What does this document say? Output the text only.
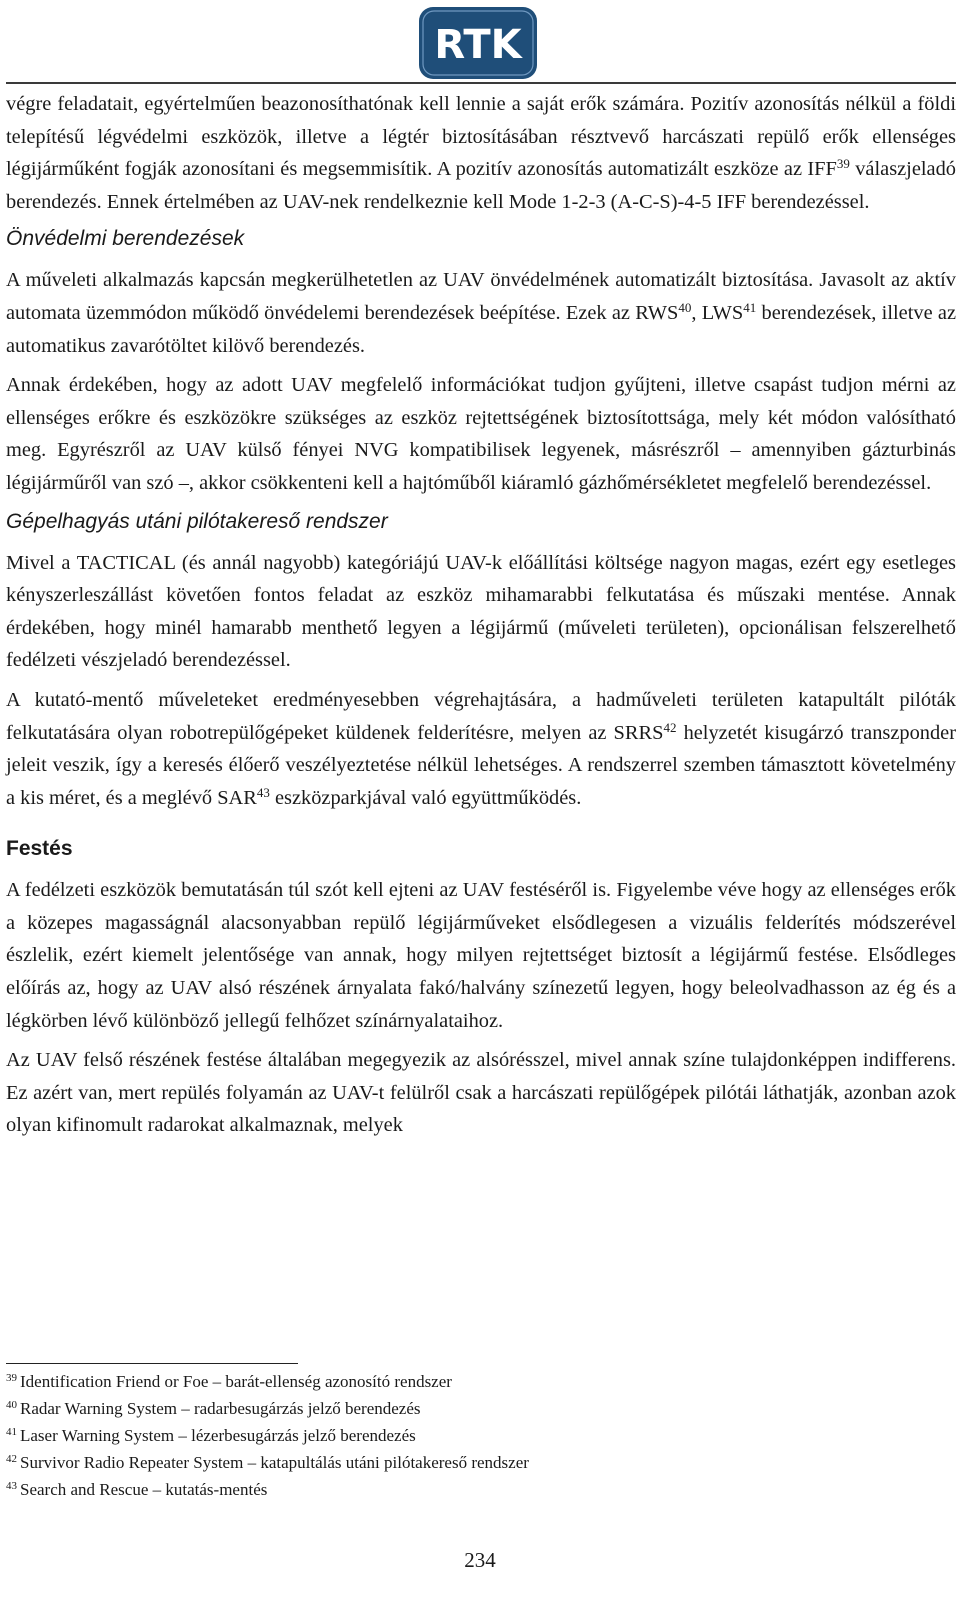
RTK

végre feladatait, egyértelműen beazonosíthatónak kell lennie a saját erők számára. Pozitív azonosítás nélkül a földi telepítésű légvédelmi eszközök, illetve a légtér biztosításában résztvevő harcászati repülő erők ellenséges légijárműként fogják azonosítani és megsemmisítik. A pozitív azonosítás automatizált eszköze az IFF$^{39}$ válaszjeladó berendezés. Ennek értelmében az UAV-nek rendelkeznie kell Mode 1-2-3 (A-C-S)-4-5 IFF berendezéssel.

Önvédelmi berendezések

A műveleti alkalmazás kapcsán megkerülhetetlen az UAV önvédelmének automatizált biztosítása. Javasolt az aktív automata üzemmódon működő önvédelemi berendezések beépítése. Ezek az RWS$^{40}$, LWS$^{41}$ berendezések, illetve az automatikus zavarótöltet kilövő berendezés.

Annak érdekében, hogy az adott UAV megfelelő információkat tudjon gyűjteni, illetve csapást tudjon mérni az ellenséges erőkre és eszközökre szükséges az eszköz rejtettségének biztosítottsága, mely két módon valósítható meg. Egyrészről az UAV külső fényei NVG kompatibilisek legyenek, másrészről – amennyiben gázturbinás légijárműről van szó –, akkor csökkenteni kell a hajtóműből kiáramló gázhőmérsékletet megfelelő berendezéssel.

Gépelhagyás utáni pilótakereső rendszer

Mivel a TACTICAL (és annál nagyobb) kategóriájú UAV-k előállítási költsége nagyon magas, ezért egy esetleges kényszerleszállást követően fontos feladat az eszköz mihamarabbi felkutatása és műszaki mentése. Annak érdekében, hogy minél hamarabb menthető legyen a légijármű (műveleti területen), opcionálisan felszerelhető fedélzeti vészjeladó berendezéssel.

A kutató-mentő műveleteket eredményesebben végrehajtására, a hadműveleti területen katapultált pilóták felkutatására olyan robotrepülőgépeket küldenek felderítésre, melyen az SRRS$^{42}$ helyzetét kisugárzó transzponder jeleit veszik, így a keresés élőerő veszélyeztetése nélkül lehetséges. A rendszerrel szemben támasztott követelmény a kis méret, és a meglévő SAR$^{43}$ eszközparkjával való együttműködés.

Festés

A fedélzeti eszközök bemutatásán túl szót kell ejteni az UAV festéséről is. Figyelembe véve hogy az ellenséges erők a közepes magasságnál alacsonyabban repülő légijárműveket elsődlegesen a vizuális felderítés módszerével észlelik, ezért kiemelt jelentősége van annak, hogy milyen rejtettséget biztosít a légijármű festése. Elsődleges előírás az, hogy az UAV alsó részének árnyalata fakó/halvány színezetű legyen, hogy beleolvadhasson az ég és a légkörben lévő különböző jellegű felhőzet színárnyalataihoz.

Az UAV felső részének festése általában megegyezik az alsórésszel, mivel annak színe tulajdonképpen indifferens. Ez azért van, mert repülés folyamán az UAV-t felülről csak a harcászati repülőgépek pilótái láthatják, azonban azok olyan kifinomult radarokat alkalmaznak, melyek

$^{39}$ Identification Friend or Foe – barát-ellenség azonosító rendszer

$^{40}$ Radar Warning System – radarbesugárzás jelző berendezés

$^{41}$ Laser Warning System – lézerbesugárzás jelző berendezés

$^{42}$ Survivor Radio Repeater System – katapultálás utáni pilótakereső rendszer

$^{43}$ Search and Rescue – kutatás-mentés

234
